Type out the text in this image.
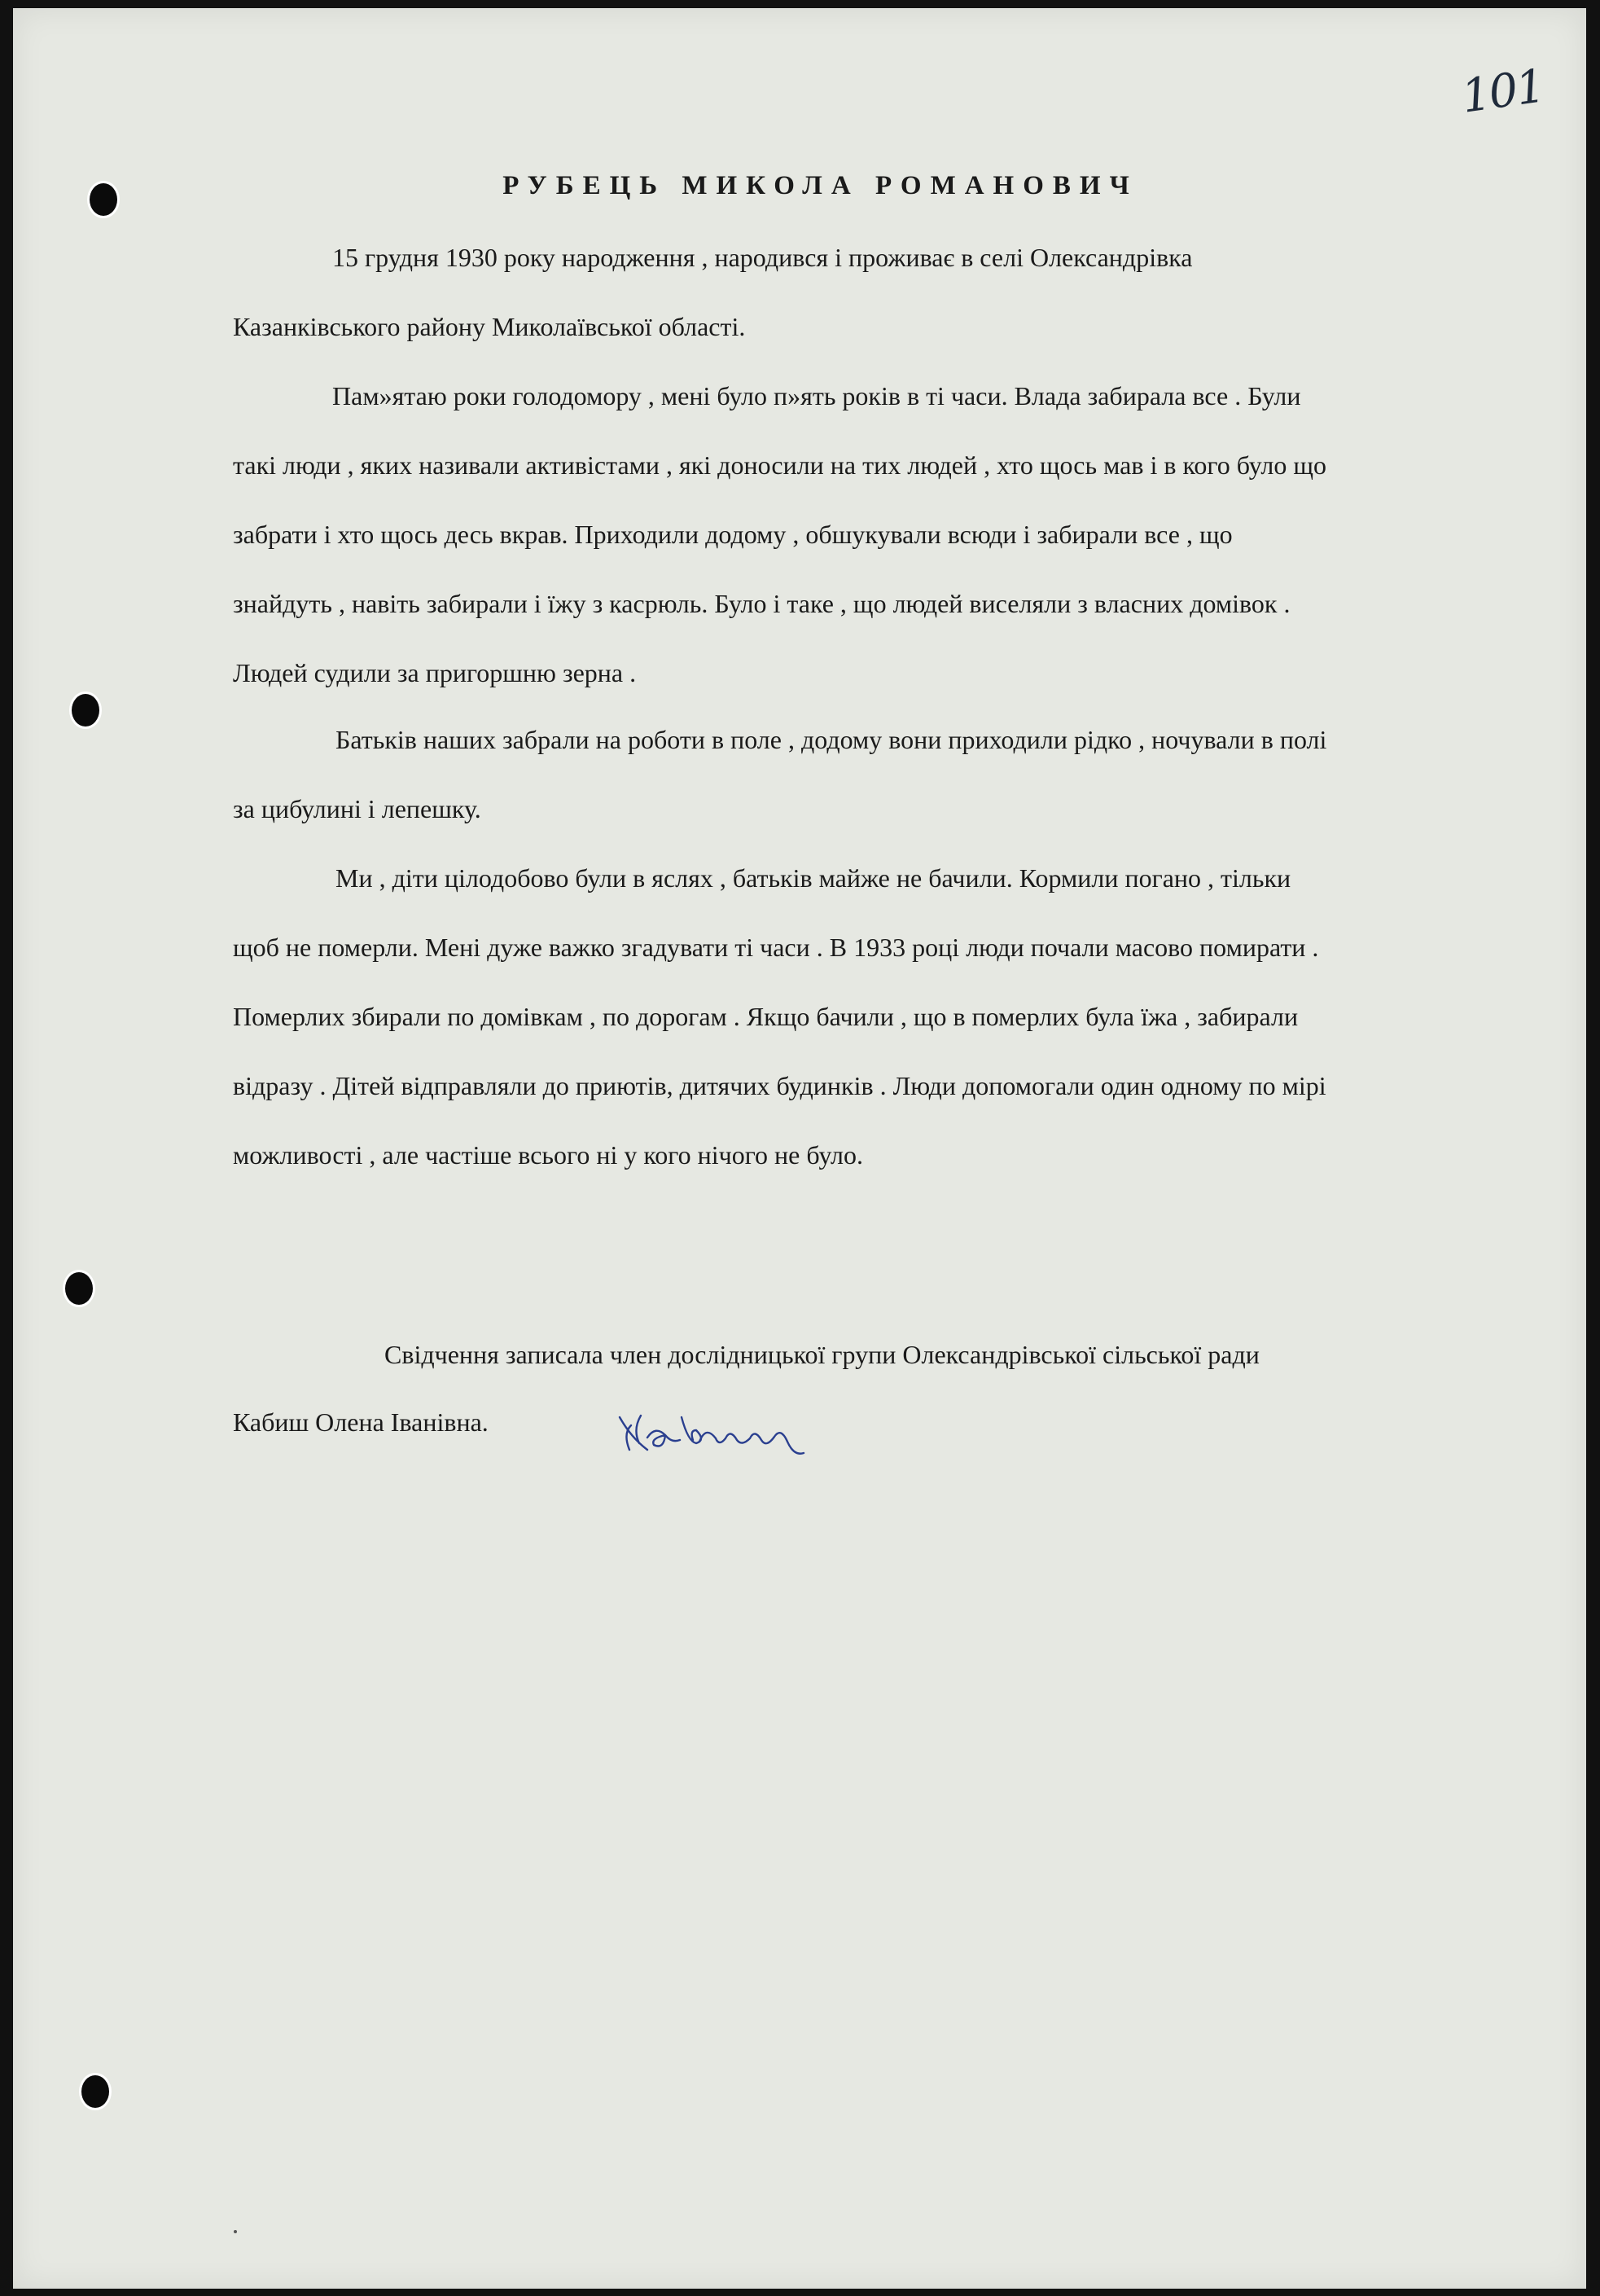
101
РУБЕЦЬ МИКОЛА РОМАНОВИЧ
15 грудня 1930 року народження , народився і проживає в селі Олександрівка
Казанківського району Миколаївської області.
Пам»ятаю роки голодомору , мені було п»ять років в ті часи. Влада забирала все . Були
такі люди , яких називали активістами , які доносили на тих людей , хто щось мав і в кого було що
забрати і хто щось десь вкрав. Приходили додому , обшукували всюди і забирали все , що
знайдуть , навіть забирали і їжу з касрюль. Було і таке , що людей виселяли з власних домівок .
Людей судили за пригоршню зерна .
Батьків наших забрали на роботи в поле , додому вони приходили рідко , ночували в полі
за цибулині і лепешку.
Ми , діти цілодобово були в яслях , батьків майже не бачили. Кормили погано , тільки
щоб не померли. Мені дуже важко згадувати ті часи . В 1933 році люди почали масово помирати .
Померлих збирали по домівкам , по дорогам . Якщо бачили , що в померлих була їжа , забирали
відразу . Дітей відправляли до приютів, дитячих будинків . Люди допомогали один одному по мірі
можливості , але частіше всього ні у кого нічого не було.
Свідчення записала член дослідницької групи Олександрівської сільської ради
Кабиш Олена Іванівна.
